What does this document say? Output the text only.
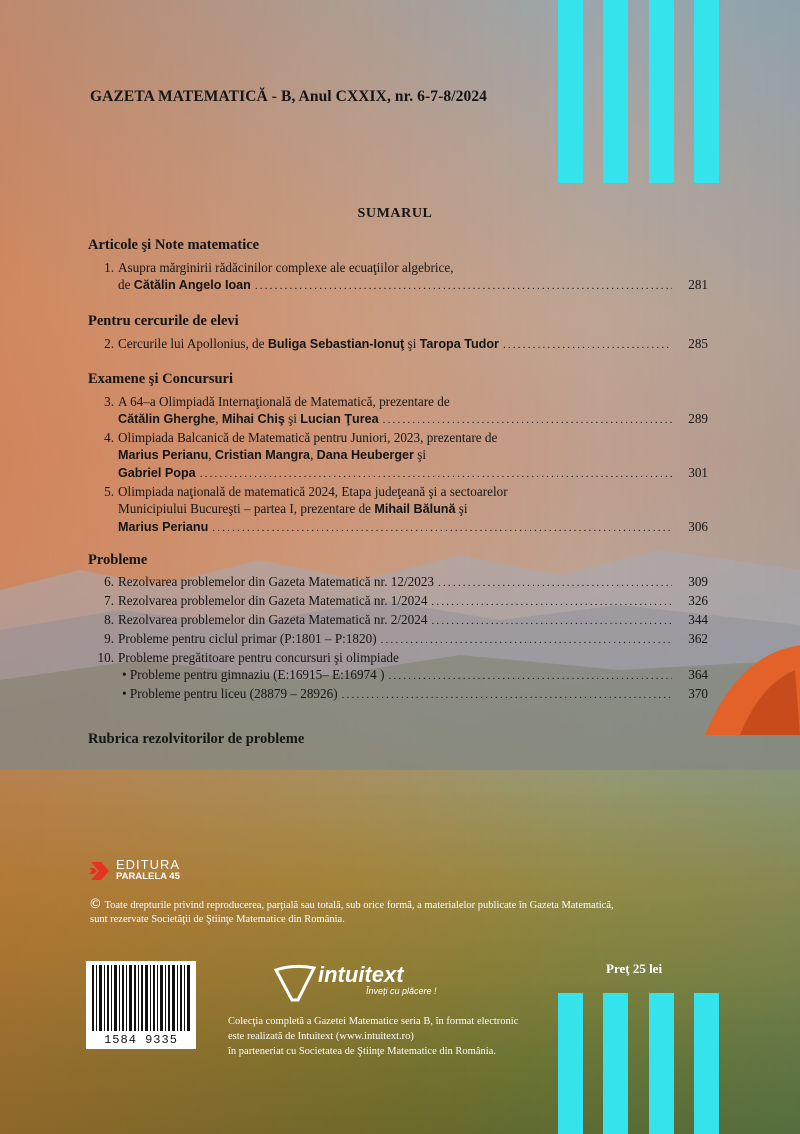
GAZETA MATEMATICĂ - B, Anul CXXIX, nr. 6-7-8/2024
SUMARUL
Articole şi Note matematice
1. Asupra mărginirii rădăcinilor complexe ale ecuaţiilor algebrice,
de Cătălin Angelo Ioan .....	281
Pentru cercurile de elevi
2. Cercurile lui Apollonius, de Buliga Sebastian-Ionuţ şi Taropa Tudor .....	285
Examene şi Concursuri
3. A 64–a Olimpiadă Internaţională de Matematică, prezentare de
Cătălin Gherghe, Mihai Chiş şi Lucian Ţurea .....	289
4. Olimpiada Balcanică de Matematică pentru Juniori, 2023, prezentare de
Marius Perianu, Cristian Mangra, Dana Heuberger şi
Gabriel Popa .....	301
5. Olimpiada naţională de matematică 2024, Etapa judeţeană şi a sectoarelor
Municipiului Bucureşti – partea I, prezentare de Mihail Bălună şi
Marius Perianu .....	306
Probleme
6. Rezolvarea problemelor din Gazeta Matematică nr. 12/2023 .....	309
7. Rezolvarea problemelor din Gazeta Matematică nr. 1/2024 .....	326
8. Rezolvarea problemelor din Gazeta Matematică nr. 2/2024 .....	344
9. Probleme pentru ciclul primar (P:1801 – P:1820) .....	362
10. Probleme pregătitoare pentru concursuri şi olimpiade
• Probleme pentru gimnaziu (E:16915– E:16974 ) .....	364
• Probleme pentru liceu (28879 – 28926) .....	370
Rubrica rezolvitorilor de probleme
EDITURA
PARALELA 45
© Toate drepturile privind reproducerea, parţială sau totală, sub orice formă, a materialelor publicate în Gazeta Matematică,
sunt rezervate Societăţii de Ştiinţe Matematice din România.
1584 9335
intuitext
Înveţi cu plăcere !
Colecţia completă a Gazetei Matematice seria B, în format electronic
este realizată de Intuitext (www.intuitext.ro)
în parteneriat cu Societatea de Ştiinţe Matematice din România.
Preţ 25 lei
